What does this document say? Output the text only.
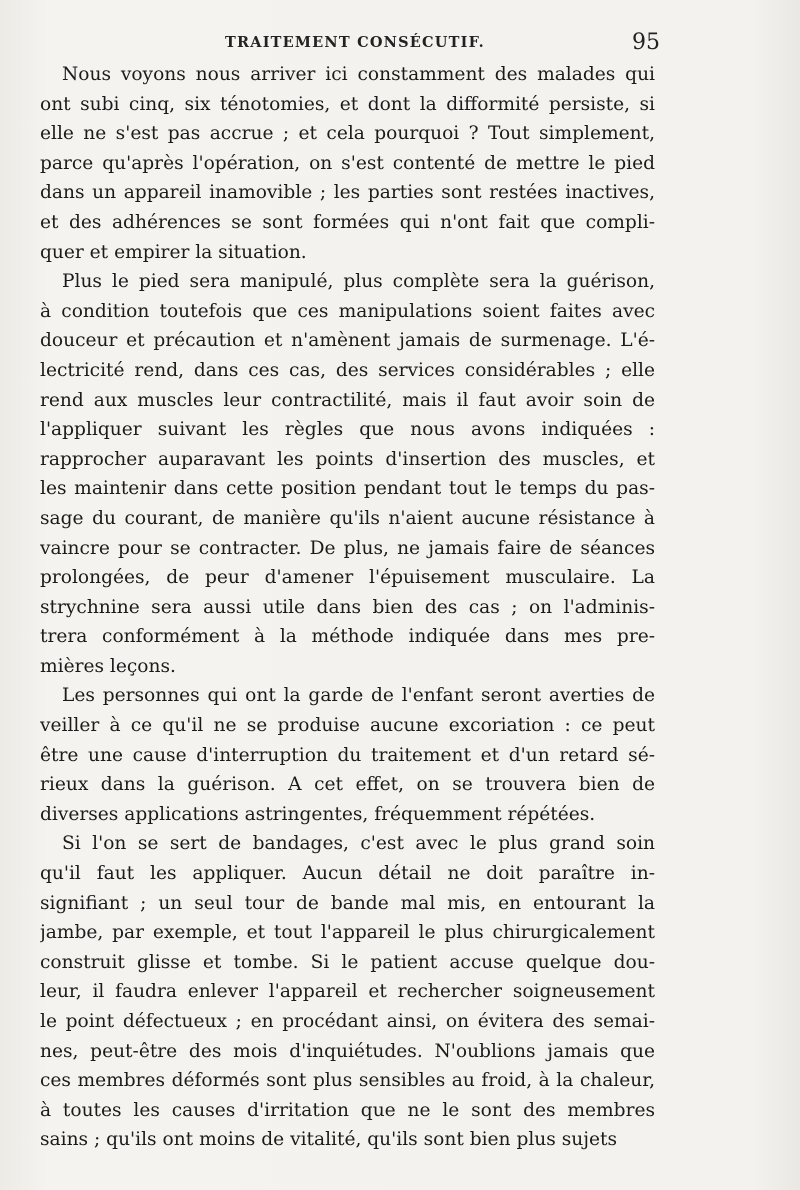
TRAITEMENT CONSÉCUTIF.	95
Nous voyons nous arriver ici constamment des malades qui
ont subi cinq, six ténotomies, et dont la difformité persiste, si
elle ne s'est pas accrue ; et cela pourquoi ? Tout simplement,
parce qu'après l'opération, on s'est contenté de mettre le pied
dans un appareil inamovible ; les parties sont restées inactives,
et des adhérences se sont formées qui n'ont fait que compli-
quer et empirer la situation.
Plus le pied sera manipulé, plus complète sera la guérison,
à condition toutefois que ces manipulations soient faites avec
douceur et précaution et n'amènent jamais de surmenage. L'é-
lectricité rend, dans ces cas, des services considérables ; elle
rend aux muscles leur contractilité, mais il faut avoir soin de
l'appliquer suivant les règles que nous avons indiquées :
rapprocher auparavant les points d'insertion des muscles, et
les maintenir dans cette position pendant tout le temps du pas-
sage du courant, de manière qu'ils n'aient aucune résistance à
vaincre pour se contracter. De plus, ne jamais faire de séances
prolongées, de peur d'amener l'épuisement musculaire. La
strychnine sera aussi utile dans bien des cas ; on l'adminis-
trera conformément à la méthode indiquée dans mes pre-
mières leçons.
Les personnes qui ont la garde de l'enfant seront averties de
veiller à ce qu'il ne se produise aucune excoriation : ce peut
être une cause d'interruption du traitement et d'un retard sé-
rieux dans la guérison. A cet effet, on se trouvera bien de
diverses applications astringentes, fréquemment répétées.
Si l'on se sert de bandages, c'est avec le plus grand soin
qu'il faut les appliquer. Aucun détail ne doit paraître in-
signifiant ; un seul tour de bande mal mis, en entourant la
jambe, par exemple, et tout l'appareil le plus chirurgicalement
construit glisse et tombe. Si le patient accuse quelque dou-
leur, il faudra enlever l'appareil et rechercher soigneusement
le point défectueux ; en procédant ainsi, on évitera des semai-
nes, peut-être des mois d'inquiétudes. N'oublions jamais que
ces membres déformés sont plus sensibles au froid, à la chaleur,
à toutes les causes d'irritation que ne le sont des membres
sains ; qu'ils ont moins de vitalité, qu'ils sont bien plus sujets
